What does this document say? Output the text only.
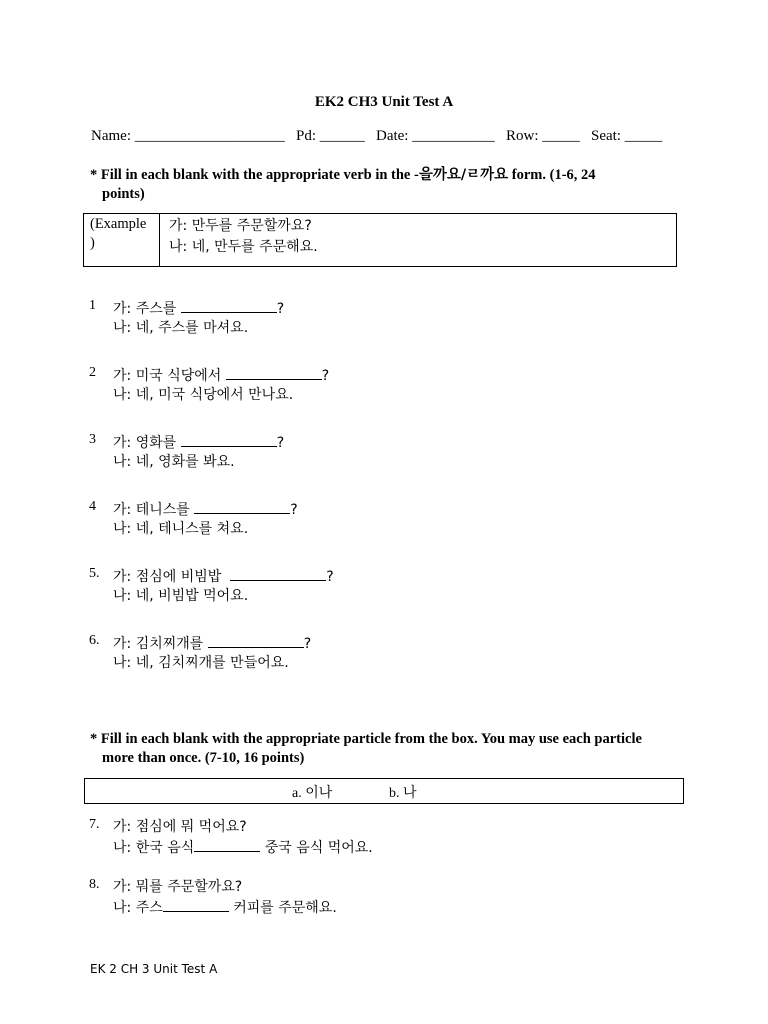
EK2 CH3 Unit Test A
Name: ____________________   Pd: ______   Date: ___________   Row: _____   Seat: _____
* Fill in each blank with the appropriate verb in the -을까요/ㄹ까요 form. (1-6, 24
points)
(Example
)
가: 만두를 주문할까요?
나: 네, 만두를 주문해요.
1 가: 주스를	?
나: 네, 주스를 마셔요.
2 가: 미국 식당에서	?
나: 네, 미국 식당에서 만나요.
3 가: 영화를	?
나: 네, 영화를 봐요.
4 가: 테니스를	?
나: 네, 테니스를 쳐요.
5. 가: 점심에 비빔밥	?
나: 네, 비빔밥 먹어요.
6. 가: 김치찌개를	?
나: 네, 김치찌개를 만들어요.
* Fill in each blank with the appropriate particle from the box. You may use each particle
more than once. (7-10, 16 points)
a. 이나	b. 나
7. 가: 점심에 뭐 먹어요?
나: 한국 음식	중국 음식 먹어요.
8. 가: 뭐를 주문할까요?
나: 주스	커피를 주문해요.
EK 2 CH 3 Unit Test A
